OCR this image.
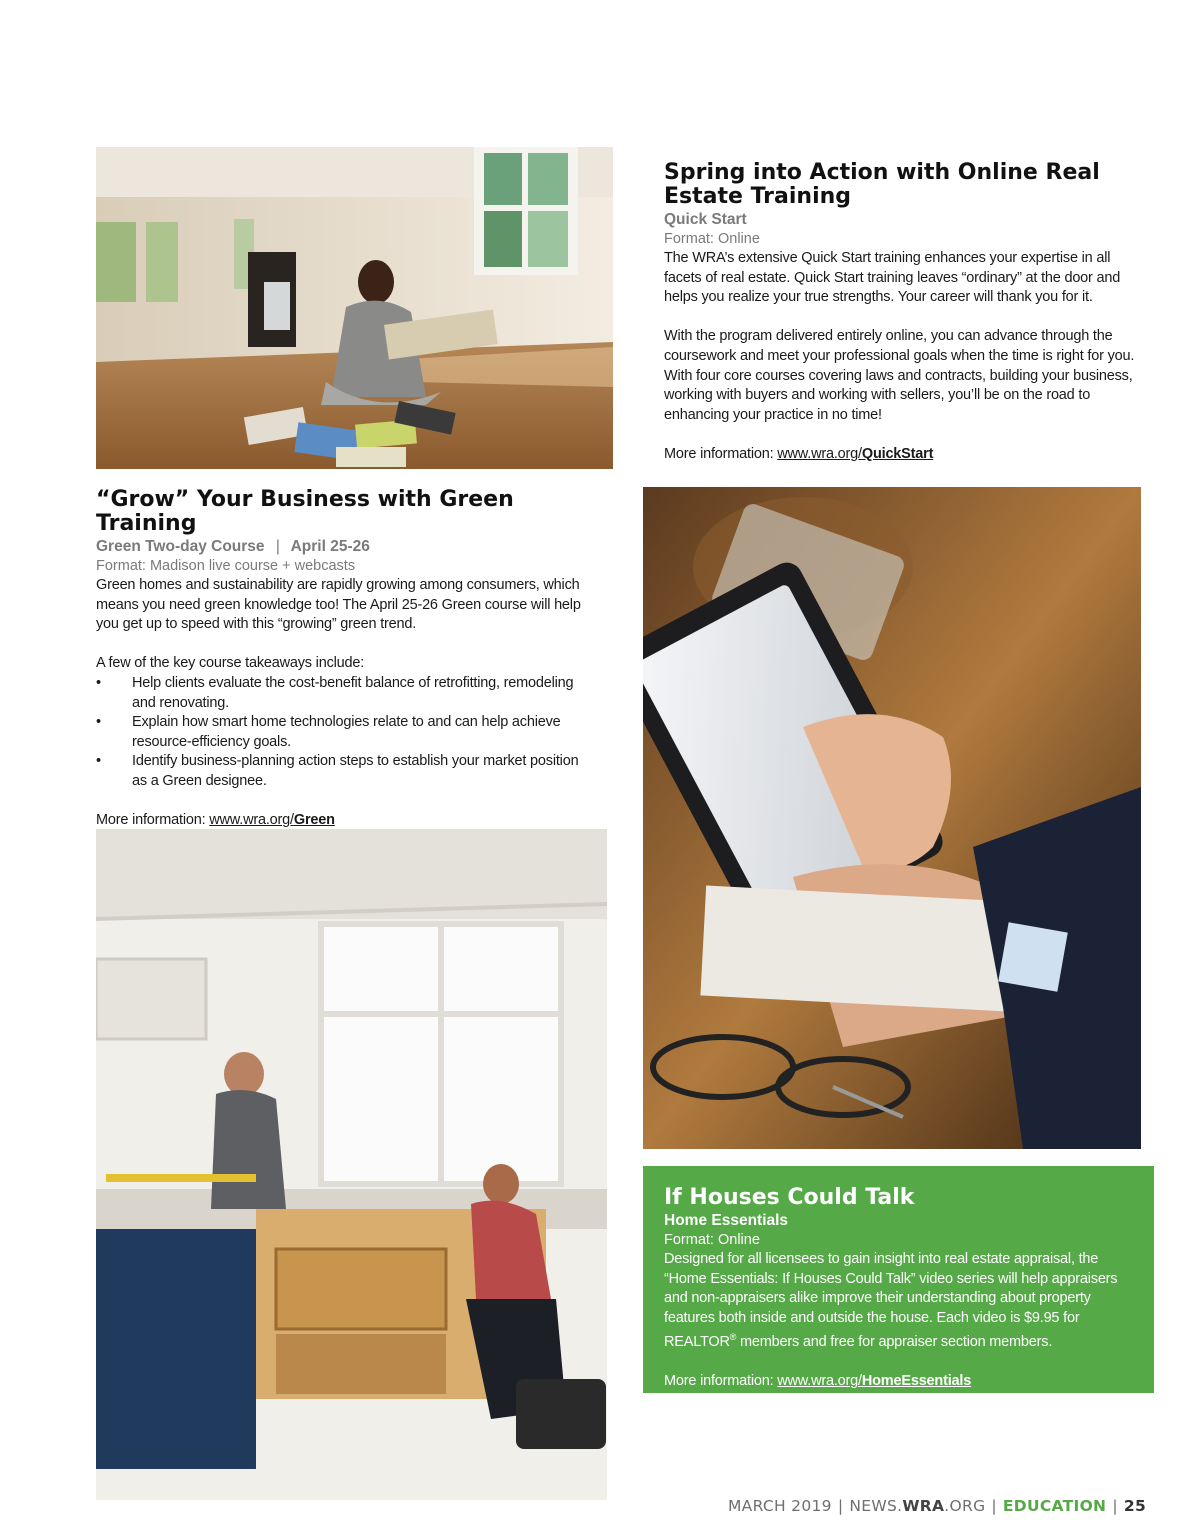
Spring into Action with Online Real Estate Training
Quick Start
Format: Online
The WRA’s extensive Quick Start training enhances your expertise in all facets of real estate. Quick Start training leaves “ordinary” at the door and helps you realize your true strengths. Your career will thank you for it.
With the program delivered entirely online, you can advance through the coursework and meet your professional goals when the time is right for you. With four core courses covering laws and contracts, building your business, working with buyers and working with sellers, you’ll be on the road to enhancing your practice in no time!
More information: www.wra.org/QuickStart
“Grow” Your Business with Green Training
Green Two-day Course | April 25-26
Format: Madison live course + webcasts
Green homes and sustainability are rapidly growing among consumers, which means you need green knowledge too! The April 25-26 Green course will help you get up to speed with this “growing” green trend.
A few of the key course takeaways include:
• Help clients evaluate the cost-benefit balance of retrofitting, remodeling and renovating.
• Explain how smart home technologies relate to and can help achieve resource-efficiency goals.
• Identify business-planning action steps to establish your market position as a Green designee.
More information: www.wra.org/Green
If Houses Could Talk
Home Essentials
Format: Online
Designed for all licensees to gain insight into real estate appraisal, the “Home Essentials: If Houses Could Talk” video series will help appraisers and non-appraisers alike improve their understanding about property features both inside and outside the house. Each video is $9.95 for REALTOR® members and free for appraiser section members.
More information: www.wra.org/HomeEssentials
MARCH 2019 | NEWS.WRA.ORG | EDUCATION | 25
